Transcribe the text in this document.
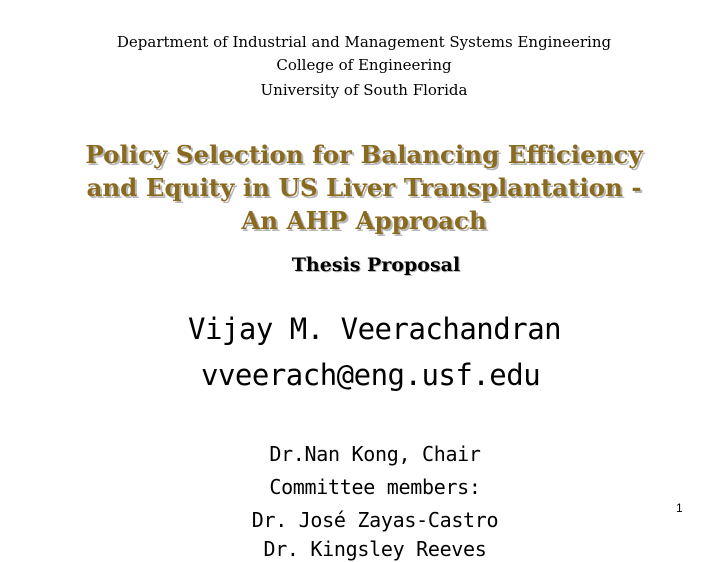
Department of Industrial and Management Systems Engineering
College of Engineering
University of South Florida
Policy Selection for Balancing Efficiency
and Equity in US Liver Transplantation -
An AHP Approach
Thesis Proposal
Vijay M. Veerachandran
vveerach@eng.usf.edu
Dr.Nan Kong, Chair
Committee members:
Dr. José Zayas-Castro
Dr. Kingsley Reeves
1
